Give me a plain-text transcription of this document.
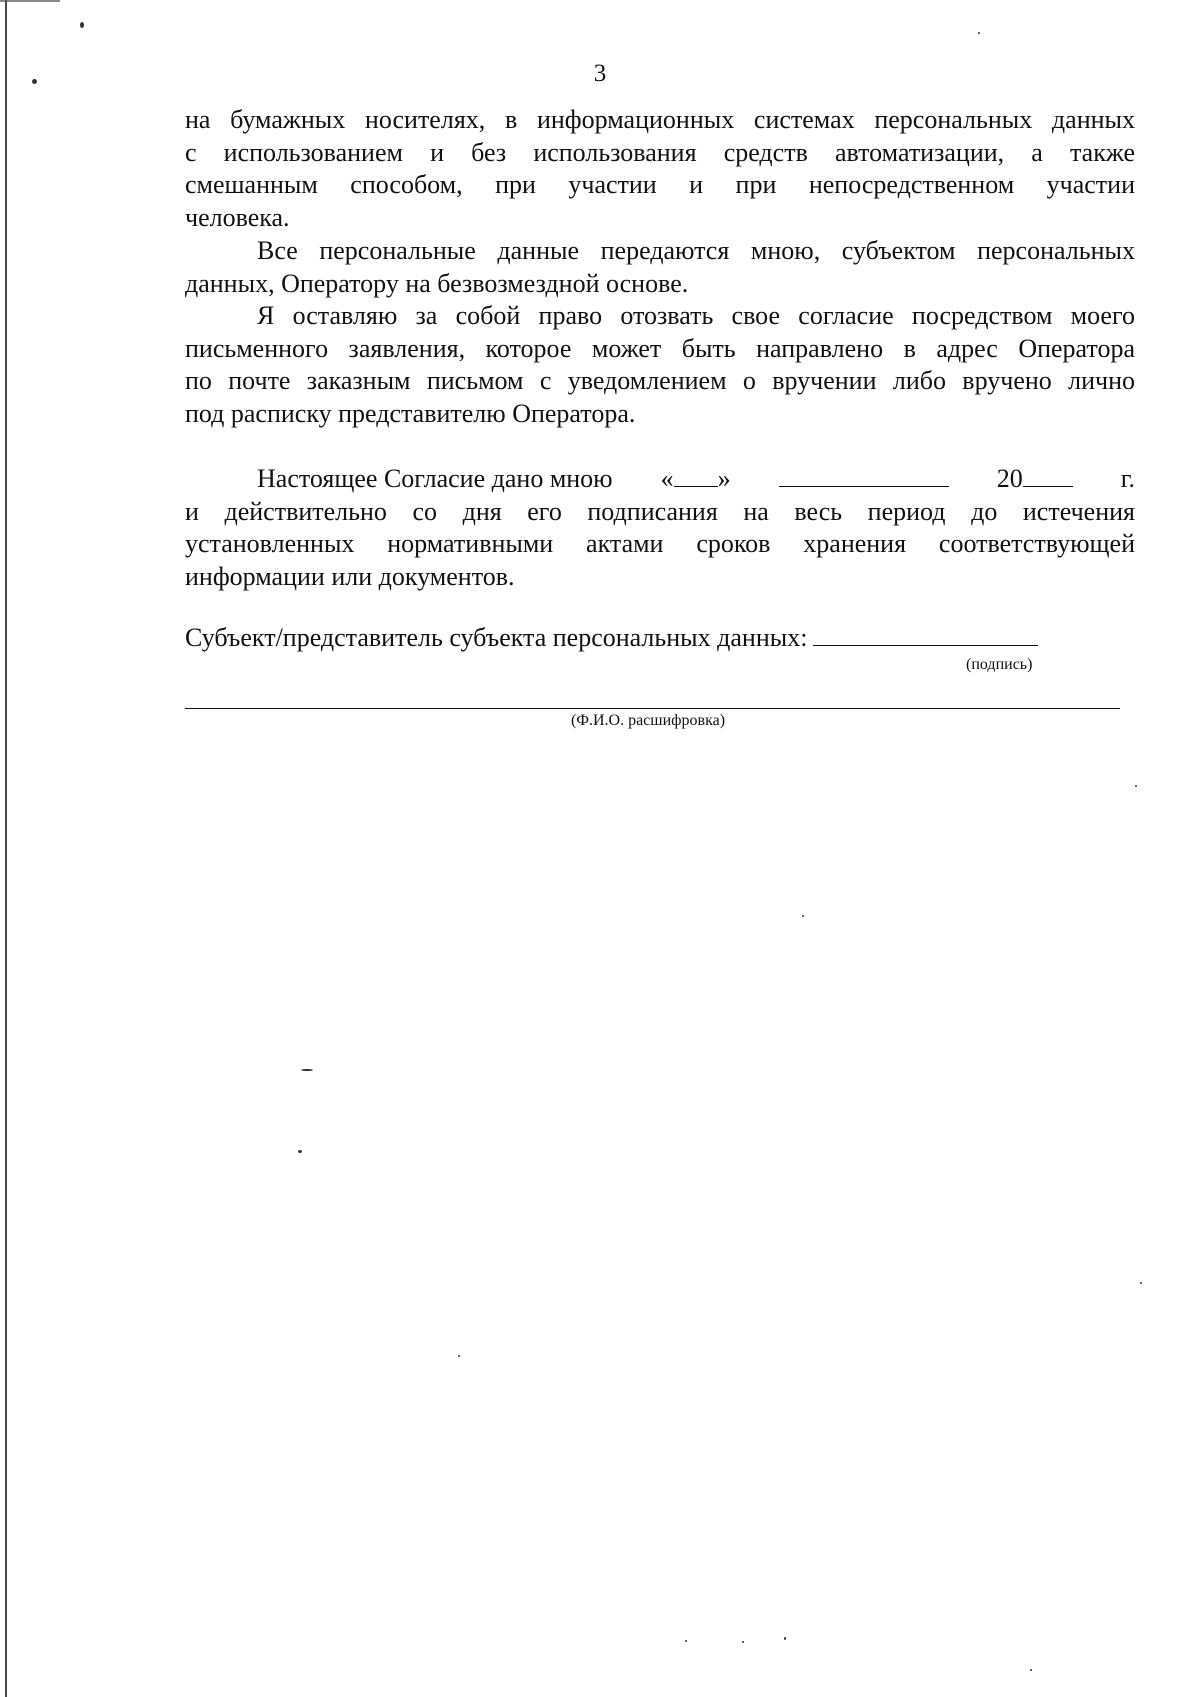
3
на бумажных носителях, в информационных системах персональных данных
с использованием и без использования средств автоматизации, а также
смешанным способом, при участии и при непосредственном участии
человека.
Все персональные данные передаются мною, субъектом персональных
данных, Оператору на безвозмездной основе.
Я оставляю за собой право отозвать свое согласие посредством моего
письменного заявления, которое может быть направлено в адрес Оператора
по почте заказным письмом с уведомлением о вручении либо вручено лично
под расписку представителю Оператора.
Настоящее Согласие дано мною « »	20	г.
и действительно со дня его подписания на весь период до истечения
установленных нормативными актами сроков хранения соответствующей
информации или документов.
Субъект/представитель субъекта персональных данных:
(подпись)
(Ф.И.О. расшифровка)
